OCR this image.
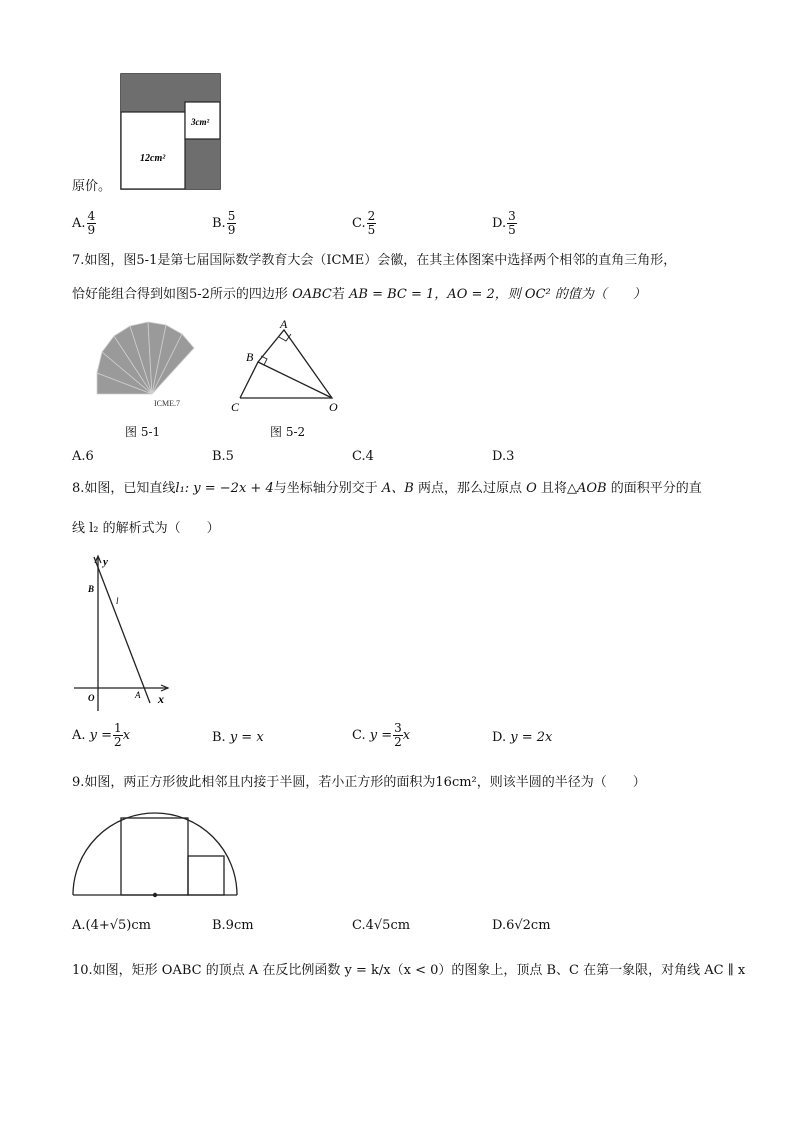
3cm²
12cm²
原价。
A. $\frac{4}{9}$	B. $\frac{5}{9}$	C. $\frac{2}{5}$	D. $\frac{3}{5}$
7.如图，图5-1是第七届国际数学教育大会（ICME）会徽，在其主体图案中选择两个相邻的直角三角形，
恰好能组合得到如图5-2所示的四边形 OABC若 AB = BC = 1，AO = 2，则 OC² 的值为（　　）
ICME.7
图 5-1
A
B
C	O
图 5-2
A.6	B.5	C.4	D.3
8.如图，已知直线l₁: y = −2x + 4与坐标轴分别交于 A、B 两点，那么过原点 O 且将△AOB 的面积平分的直
线 l₂ 的解析式为（　　）
y
x
B
O	A
l
A. $y = \frac{1}{2}$ x	B. y = x	C. $y = \frac{3}{2}$ x	D. y = 2x
9.如图，两正方形彼此相邻且内接于半圆，若小正方形的面积为16cm²，则该半圆的半径为（　　）
A.(4+√5)cm	B.9cm	C.4√5cm	D.6√2cm
10.如图，矩形 OABC 的顶点 A 在反比例函数 y = k/x（x < 0）的图象上，顶点 B、C 在第一象限，对角线 AC ∥ x
